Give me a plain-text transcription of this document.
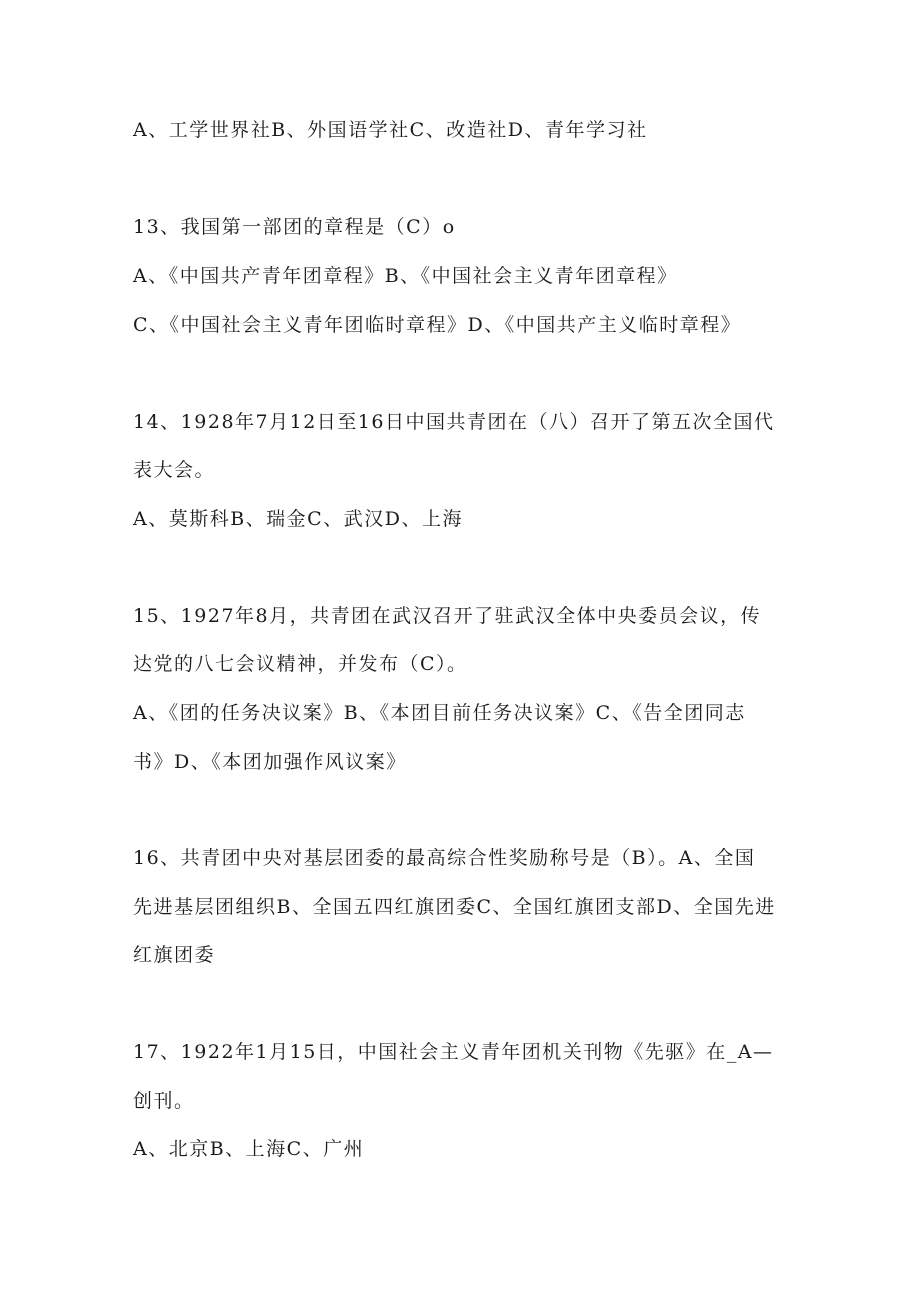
A、工学世界社B、外国语学社C、改造社D、青年学习社
13、我国第一部团的章程是（C）o
A、《中国共产青年团章程》B、《中国社会主义青年团章程》
C、《中国社会主义青年团临时章程》D、《中国共产主义临时章程》
14、1928年7月12日至16日中国共青团在（八）召开了第五次全国代
表大会。
A、莫斯科B、瑞金C、武汉D、上海
15、1927年8月，共青团在武汉召开了驻武汉全体中央委员会议，传
达党的八七会议精神，并发布（C）。
A、《团的任务决议案》B、《本团目前任务决议案》C、《告全团同志
书》D、《本团加强作风议案》
16、共青团中央对基层团委的最高综合性奖励称号是（B）。A、全国
先进基层团组织B、全国五四红旗团委C、全国红旗团支部D、全国先进
红旗团委
17、1922年1月15日，中国社会主义青年团机关刊物《先驱》在_A—
创刊。
A、北京B、上海C、广州
